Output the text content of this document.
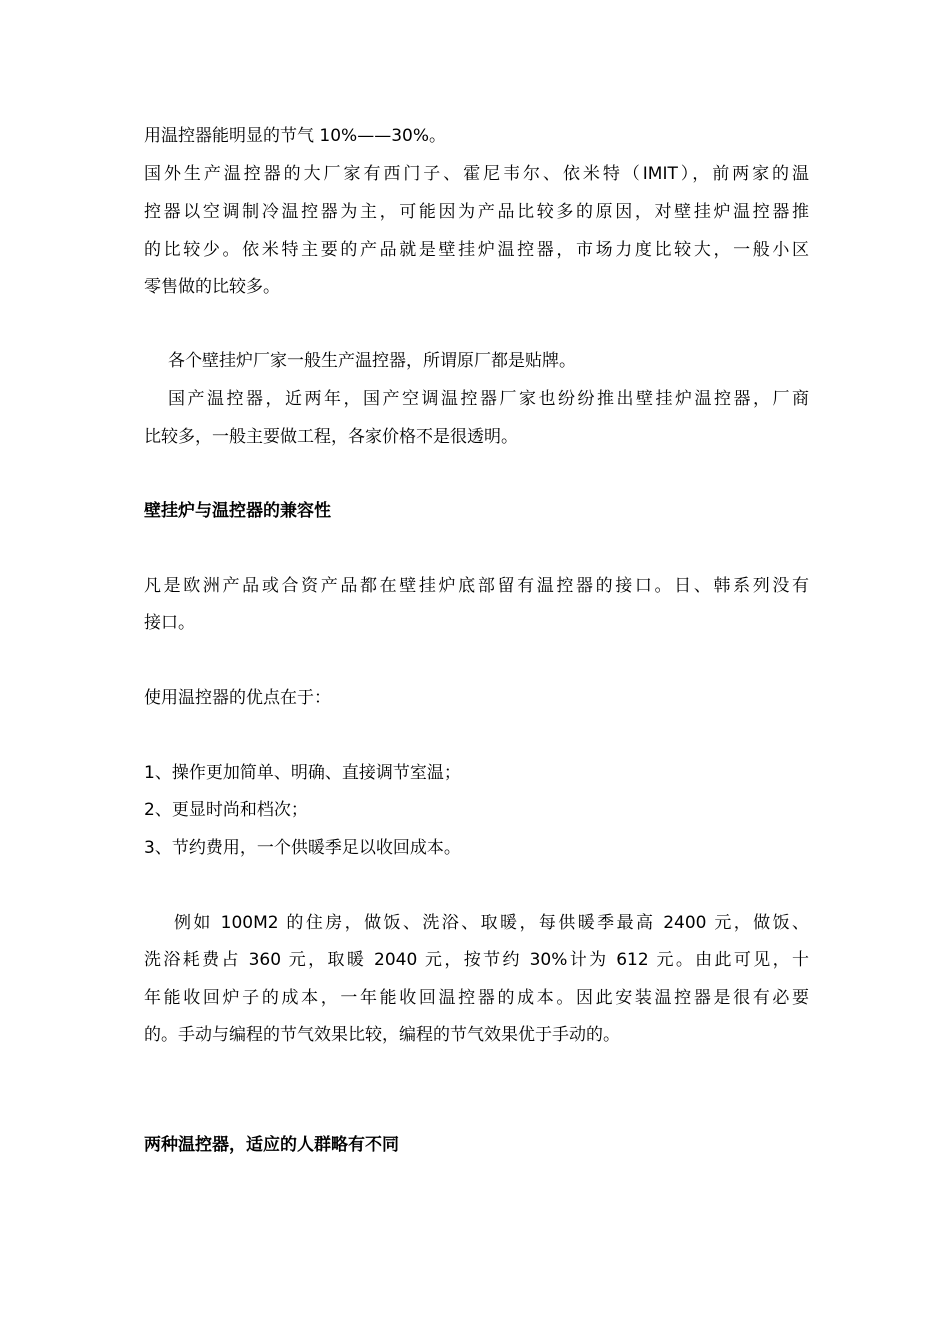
用温控器能明显的节气 10%——30%。
国外生产温控器的大厂家有西门子、霍尼韦尔、依米特（IMIT），前两家的温
控器以空调制冷温控器为主，可能因为产品比较多的原因，对壁挂炉温控器推
的比较少。依米特主要的产品就是壁挂炉温控器，市场力度比较大，一般小区
零售做的比较多。
各个壁挂炉厂家一般生产温控器，所谓原厂都是贴牌。
国产温控器，近两年，国产空调温控器厂家也纷纷推出壁挂炉温控器，厂商
比较多，一般主要做工程，各家价格不是很透明。
壁挂炉与温控器的兼容性
凡是欧洲产品或合资产品都在壁挂炉底部留有温控器的接口。日、韩系列没有
接口。
使用温控器的优点在于：
1、操作更加简单、明确、直接调节室温；
2、更显时尚和档次；
3、节约费用，一个供暖季足以收回成本。
例如 100M2 的住房，做饭、洗浴、取暖，每供暖季最高 2400 元，做饭、
洗浴耗费占 360 元，取暖 2040 元，按节约 30%计为 612 元。由此可见，十
年能收回炉子的成本，一年能收回温控器的成本。因此安装温控器是很有必要
的。手动与编程的节气效果比较，编程的节气效果优于手动的。
两种温控器，适应的人群略有不同
